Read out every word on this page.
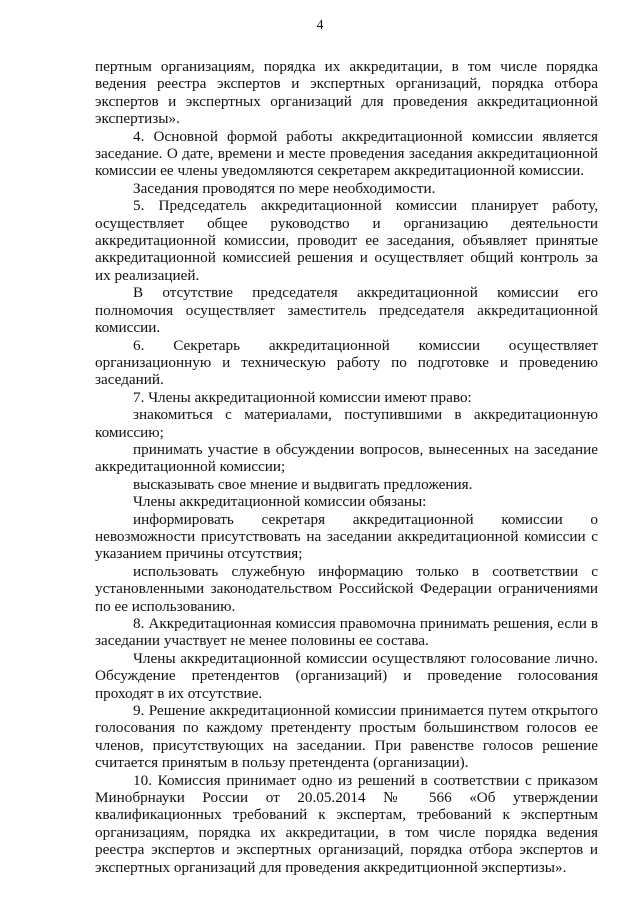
4

пертным организациям, порядка их аккредитации, в том числе порядка ведения реестра экспертов и экспертных организаций, порядка отбора экспертов и экспертных организаций для проведения аккредитационной экспертизы».

4. Основной формой работы аккредитационной комиссии является заседание. О дате, времени и месте проведения заседания аккредитационной комиссии ее члены уведомляются секретарем аккредитационной комиссии.

Заседания проводятся по мере необходимости.

5. Председатель аккредитационной комиссии планирует работу, осуществляет общее руководство и организацию деятельности аккредитационной комиссии, проводит ее заседания, объявляет принятые аккредитационной комиссией решения и осуществляет общий контроль за их реализацией.

В отсутствие председателя аккредитационной комиссии его полномочия осуществляет заместитель председателя аккредитационной комиссии.

6. Секретарь аккредитационной комиссии осуществляет организационную и техническую работу по подготовке и проведению заседаний.

7. Члены аккредитационной комиссии имеют право:

знакомиться с материалами, поступившими в аккредитационную комиссию;

принимать участие в обсуждении вопросов, вынесенных на заседание аккредитационной комиссии;

высказывать свое мнение и выдвигать предложения.

Члены аккредитационной комиссии обязаны:

информировать секретаря аккредитационной комиссии о невозможности присутствовать на заседании аккредитационной комиссии с указанием причины отсутствия;

использовать служебную информацию только в соответствии с установленными законодательством Российской Федерации ограничениями по ее использованию.

8. Аккредитационная комиссия правомочна принимать решения, если в заседании участвует не менее половины ее состава.

Члены аккредитационной комиссии осуществляют голосование лично. Обсуждение претендентов (организаций) и проведение голосования проходят в их отсутствие.

9. Решение аккредитационной комиссии принимается путем открытого голосования по каждому претенденту простым большинством голосов ее членов, присутствующих на заседании. При равенстве голосов решение считается принятым в пользу претендента (организации).

10. Комиссия принимает одно из решений в соответствии с приказом Минобрнауки России от 20.05.2014 № 566 «Об утверждении квалификационных требований к экспертам, требований к экспертным организациям, порядка их аккредитации, в том числе порядка ведения реестра экспертов и экспертных организаций, порядка отбора экспертов и экспертных организаций для проведения аккредитционной экспертизы».
